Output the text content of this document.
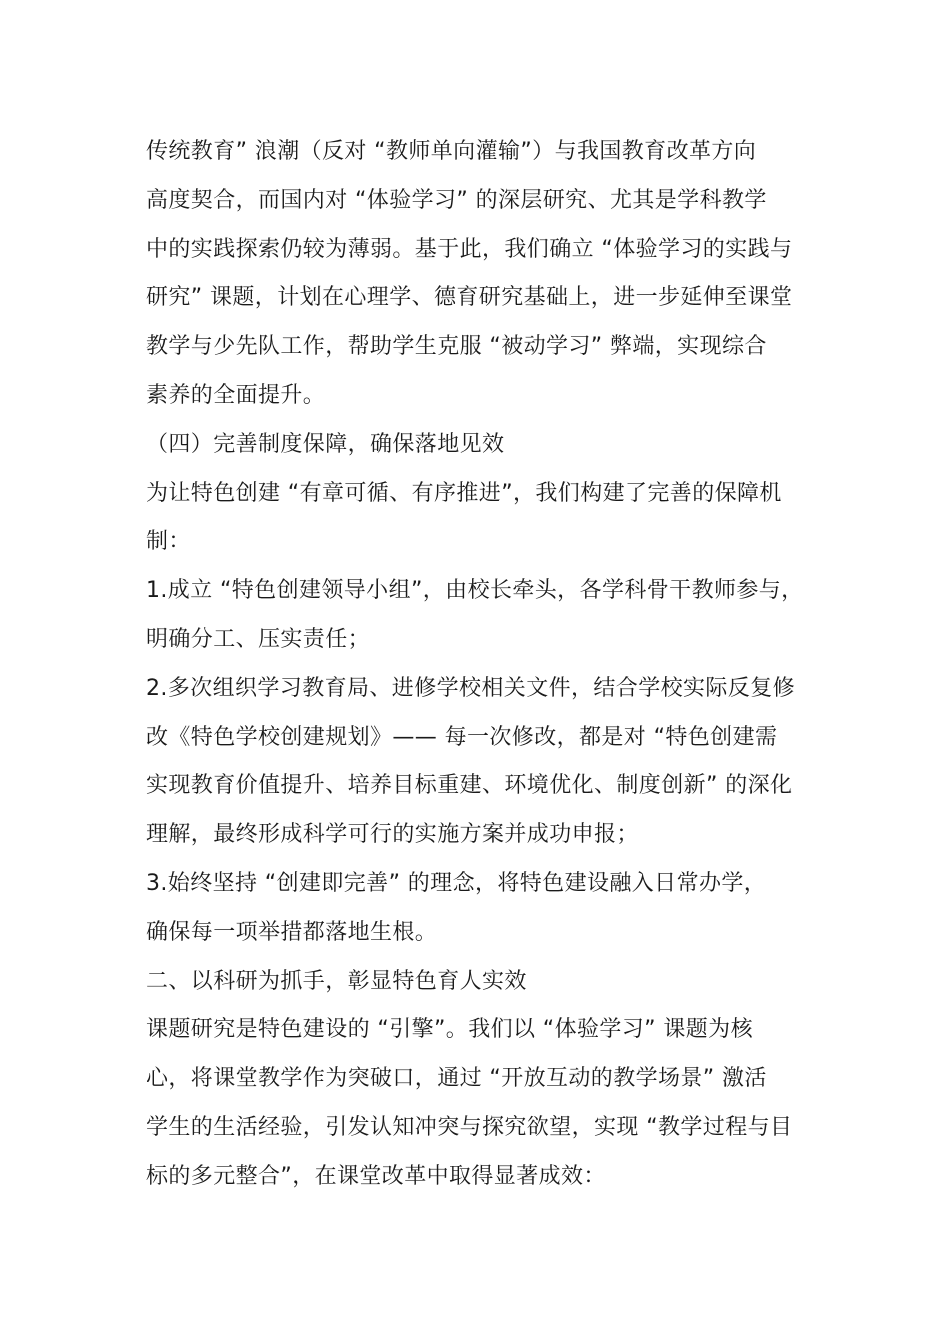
传统教育” 浪潮（反对 “教师单向灌输”）与我国教育改革方向
高度契合，而国内对 “体验学习” 的深层研究、尤其是学科教学
中的实践探索仍较为薄弱。基于此，我们确立 “体验学习的实践与
研究” 课题，计划在心理学、德育研究基础上，进一步延伸至课堂
教学与少先队工作，帮助学生克服 “被动学习” 弊端，实现综合
素养的全面提升。
（四）完善制度保障，确保落地见效
为让特色创建 “有章可循、有序推进”，我们构建了完善的保障机
制：
1.成立 “特色创建领导小组”，由校长牵头，各学科骨干教师参与，
明确分工、压实责任；
2.多次组织学习教育局、进修学校相关文件，结合学校实际反复修
改《特色学校创建规划》—— 每一次修改，都是对 “特色创建需
实现教育价值提升、培养目标重建、环境优化、制度创新” 的深化
理解，最终形成科学可行的实施方案并成功申报；
3.始终坚持 “创建即完善” 的理念，将特色建设融入日常办学，
确保每一项举措都落地生根。
二、以科研为抓手，彰显特色育人实效
课题研究是特色建设的 “引擎”。我们以 “体验学习” 课题为核
心，将课堂教学作为突破口，通过 “开放互动的教学场景” 激活
学生的生活经验，引发认知冲突与探究欲望，实现 “教学过程与目
标的多元整合”，在课堂改革中取得显著成效：
